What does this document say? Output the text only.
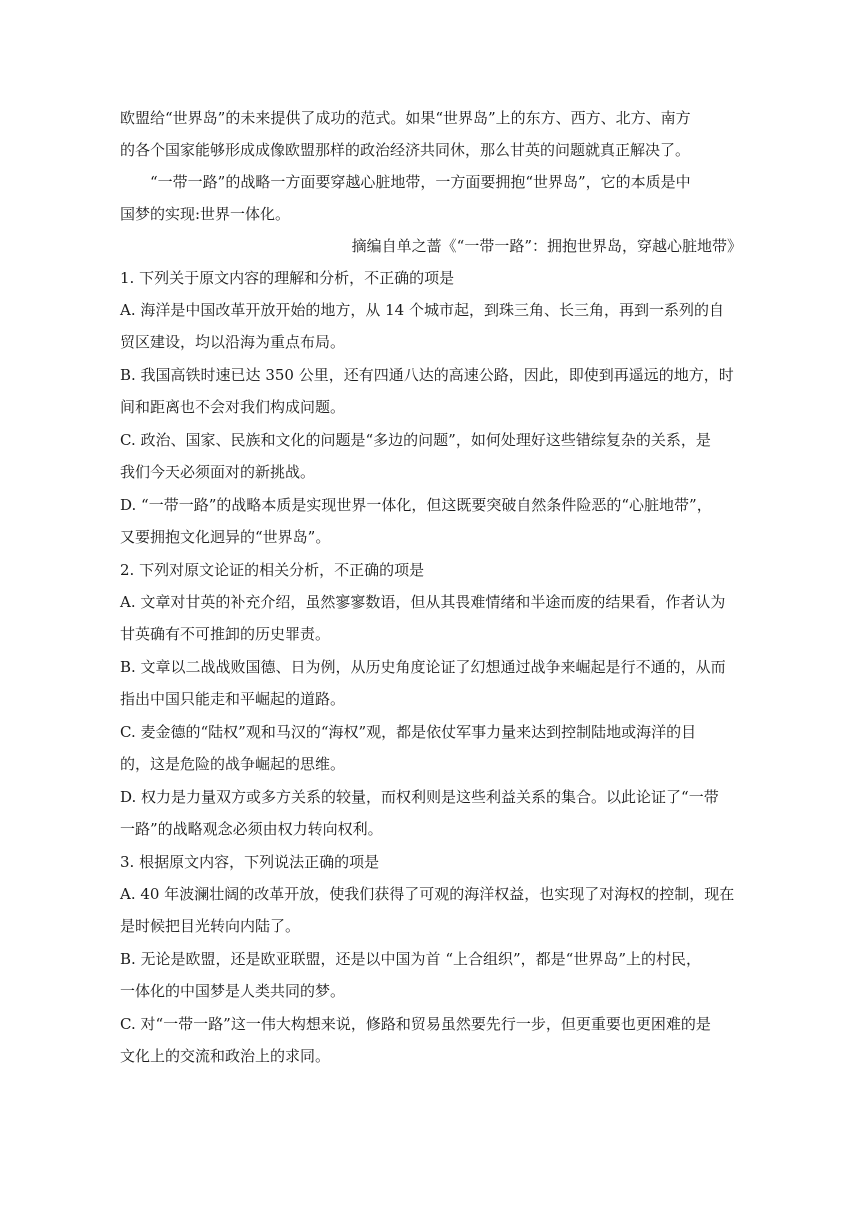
欧盟给“世界岛”的未来提供了成功的范式。如果“世界岛”上的东方、西方、北方、南方

的各个国家能够形成成像欧盟那样的政治经济共同休，那么甘英的问题就真正解决了。

“一带一路”的战略一方面要穿越心脏地带，一方面要拥抱“世界岛”，它的本质是中

国梦的实现:世界一体化。

摘编自单之蔷《“一带一路”：拥抱世界岛，穿越心脏地带》

1. 下列关于原文内容的理解和分析，不正确的项是

A. 海洋是中国改革开放开始的地方，从 14 个城市起，到珠三角、长三角，再到一系列的自

贸区建设，均以沿海为重点布局。

B. 我国高铁时速已达 350 公里，还有四通八达的高速公路，因此，即使到再遥远的地方，时

间和距离也不会对我们构成问题。

C. 政治、国家、民族和文化的问题是“多边的问题”，如何处理好这些错综复杂的关系，是

我们今天必须面对的新挑战。

D. “一带一路”的战略本质是实现世界一体化，但这既要突破自然条件险恶的“心脏地带”，

又要拥抱文化迥异的“世界岛”。

2. 下列对原文论证的相关分析，不正确的项是

A. 文章对甘英的补充介绍，虽然寥寥数语，但从其畏难情绪和半途而废的结果看，作者认为

甘英确有不可推卸的历史罪责。

B. 文章以二战战败国德、日为例，从历史角度论证了幻想通过战争来崛起是行不通的，从而

指出中国只能走和平崛起的道路。

C. 麦金德的“陆权”观和马汉的“海权”观，都是依仗军事力量来达到控制陆地或海洋的目

的，这是危险的战争崛起的思维。

D. 权力是力量双方或多方关系的较量，而权利则是这些利益关系的集合。以此论证了“一带

一路”的战略观念必须由权力转向权利。

3. 根据原文内容，下列说法正确的项是

A. 40 年波澜壮阔的改革开放，使我们获得了可观的海洋权益，也实现了对海权的控制，现在

是时候把目光转向内陆了。

B. 无论是欧盟，还是欧亚联盟，还是以中国为首 “上合组织”，都是“世界岛”上的村民，

一体化的中国梦是人类共同的梦。

C. 对“一带一路”这一伟大构想来说，修路和贸易虽然要先行一步，但更重要也更困难的是

文化上的交流和政治上的求同。
